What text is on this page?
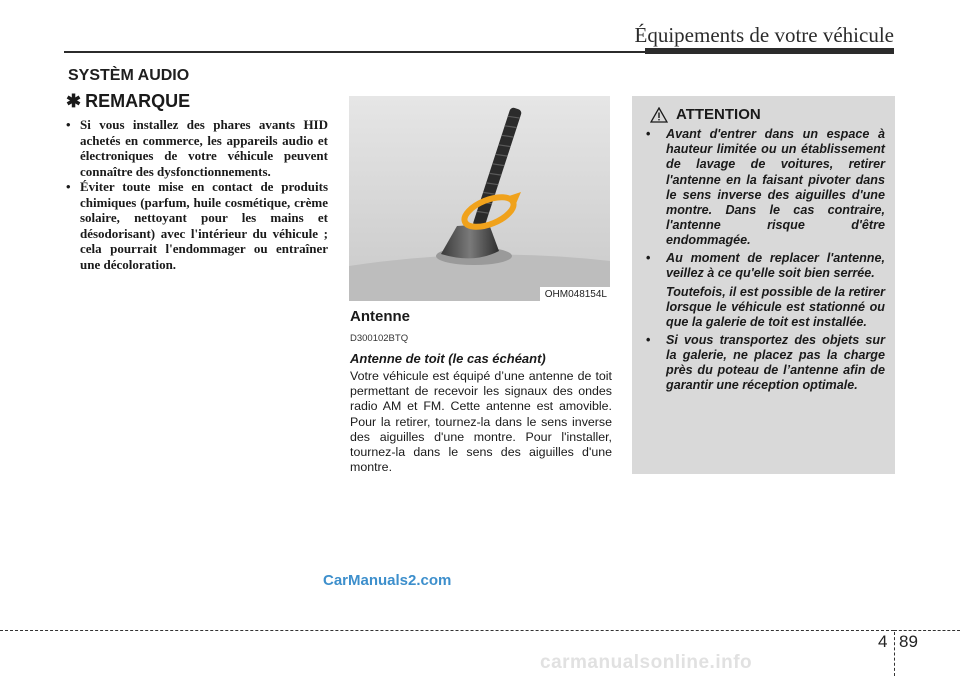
Équipements de votre véhicule
SYSTÈM AUDIO
✱ REMARQUE
• Si vous installez des phares avants HID achetés en commerce, les appareils audio et électroniques de votre véhicule peuvent connaître des dysfonctionnements.
• Éviter toute mise en contact de produits chimiques (parfum, huile cosmétique, crème solaire, nettoyant pour les mains et désodorisant) avec l'intérieur du véhicule ; cela pourrait l'endommager ou entraîner une décoloration.
OHM048154L
Antenne
D300102BTQ
Antenne de toit (le cas échéant)
Votre véhicule est équipé d’une antenne de toit permettant de recevoir les signaux des ondes radio AM et FM. Cette antenne est amovible. Pour la retirer, tournez-la dans le sens inverse des aiguilles d'une montre. Pour l'installer, tournez-la dans le sens des aiguilles d'une montre.
ATTENTION
• Avant d'entrer dans un espace à hauteur limitée ou un établissement de lavage de voitures, retirer l'antenne en la faisant pivoter dans le sens inverse des aiguilles d'une montre. Dans le cas contraire, l'antenne risque d'être endommagée.
• Au moment de replacer l'antenne, veillez à ce qu'elle soit bien serrée.
Toutefois, il est possible de la retirer lorsque le véhicule est stationné ou que la galerie de toit est installée.
• Si vous transportez des objets sur la galerie, ne placez pas la charge près du poteau de l’antenne afin de garantir une réception optimale.
CarManuals2.com
4 89
carmanualsonline.info
